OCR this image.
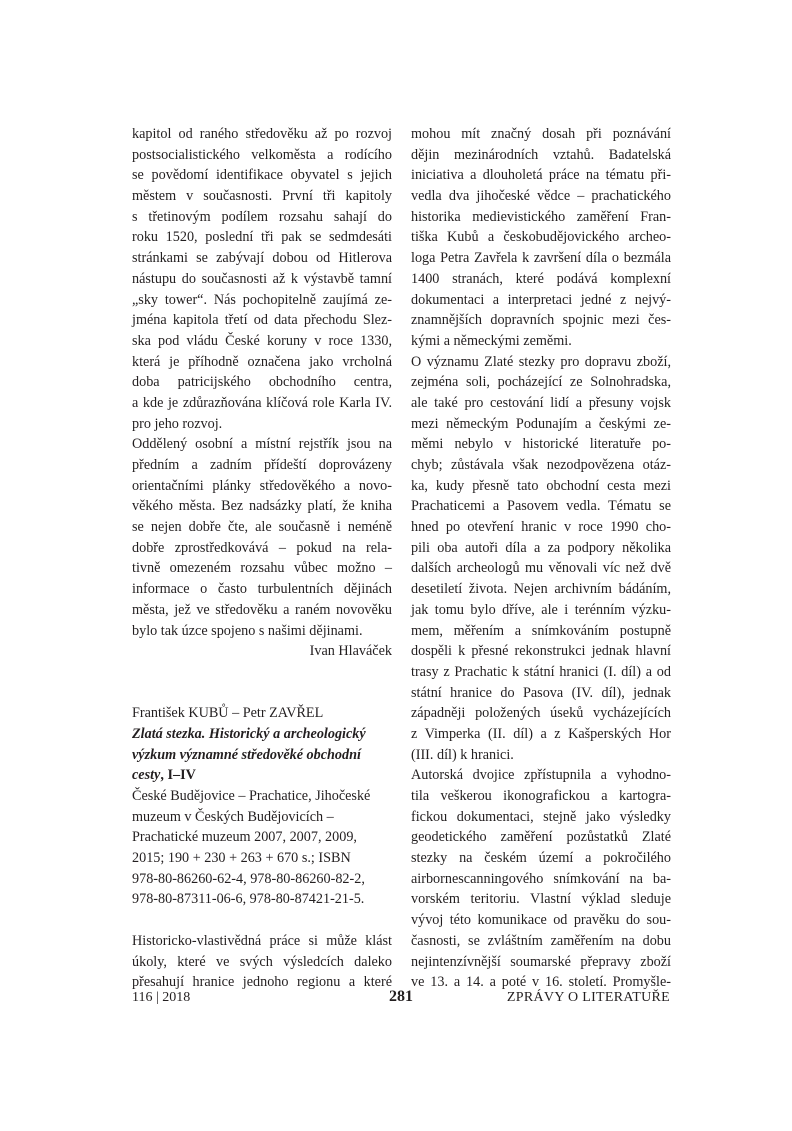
kapitol od raného středověku až po rozvoj
postsocialistického velkoměsta a rodícího
se povědomí identifikace obyvatel s jejich
městem v současnosti. První tři kapitoly
s třetinovým podílem rozsahu sahají do
roku 1520, poslední tři pak se sedmdesáti
stránkami se zabývají dobou od Hitlerova
nástupu do současnosti až k výstavbě tamní
„sky tower“. Nás pochopitelně zaujímá ze-
jména kapitola třetí od data přechodu Slez-
ska pod vládu České koruny v roce 1330,
která je příhodně označena jako vrcholná
doba patricijského obchodního centra,
a kde je zdůrazňována klíčová role Karla IV.
pro jeho rozvoj.
Oddělený osobní a místní rejstřík jsou na
předním a zadním přídeští doprovázeny
orientačními plánky středověkého a novo-
věkého města. Bez nadsázky platí, že kniha
se nejen dobře čte, ale současně i neméně
dobře zprostředkovává – pokud na rela-
tivně omezeném rozsahu vůbec možno –
informace o často turbulentních dějinách
města, jež ve středověku a raném novověku
bylo tak úzce spojeno s našimi dějinami.
Ivan Hlaváček
František KUBŮ – Petr ZAVŘEL
Zlatá stezka. Historický a archeologický
výzkum významné středověké obchodní
cesty, I–IV
České Budějovice – Prachatice, Jihočeské
muzeum v Českých Budějovicích –
Prachatické muzeum 2007, 2007, 2009,
2015; 190 + 230 + 263 + 670 s.; ISBN
978-80-86260-62-4, 978-80-86260-82-2,
978-80-87311-06-6, 978-80-87421-21-5.
Historicko-vlastivědná práce si může klást
úkoly, které ve svých výsledcích daleko
přesahují hranice jednoho regionu a které
mohou mít značný dosah při poznávání
dějin mezinárodních vztahů. Badatelská
iniciativa a dlouholetá práce na tématu při-
vedla dva jihočeské vědce – prachatického
historika medievistického zaměření Fran-
tiška Kubů a českobudějovického archeo-
loga Petra Zavřela k završení díla o bezmála
1400 stranách, které podává komplexní
dokumentaci a interpretaci jedné z nejvý-
znamnějších dopravních spojnic mezi čes-
kými a německými zeměmi.
O významu Zlaté stezky pro dopravu zboží,
zejména soli, pocházející ze Solnohradska,
ale také pro cestování lidí a přesuny vojsk
mezi německým Podunajím a českými ze-
měmi nebylo v historické literatuře po-
chyb; zůstávala však nezodpovězena otáz-
ka, kudy přesně tato obchodní cesta mezi
Prachaticemi a Pasovem vedla. Tématu se
hned po otevření hranic v roce 1990 cho-
pili oba autoři díla a za podpory několika
dalších archeologů mu věnovali víc než dvě
desetiletí života. Nejen archivním bádáním,
jak tomu bylo dříve, ale i terénním výzku-
mem, měřením a snímkováním postupně
dospěli k přesné rekonstrukci jednak hlavní
trasy z Prachatic k státní hranici (I. díl) a od
státní hranice do Pasova (IV. díl), jednak
západněji položených úseků vycházejících
z Vimperka (II. díl) a z Kašperských Hor
(III. díl) k hranici.
Autorská dvojice zpřístupnila a vyhodno-
tila veškerou ikonografickou a kartogra-
fickou dokumentaci, stejně jako výsledky
geodetického zaměření pozůstatků Zlaté
stezky na českém území a pokročilého
airbornescanningového snímkování na ba-
vorském teritoriu. Vlastní výklad sleduje
vývoj této komunikace od pravěku do sou-
časnosti, se zvláštním zaměřením na dobu
nejintenzívnější soumarské přepravy zboží
ve 13. a 14. a poté v 16. století. Promyšle-
116 | 2018	281	ZPRÁVY O LITERATUŘE
